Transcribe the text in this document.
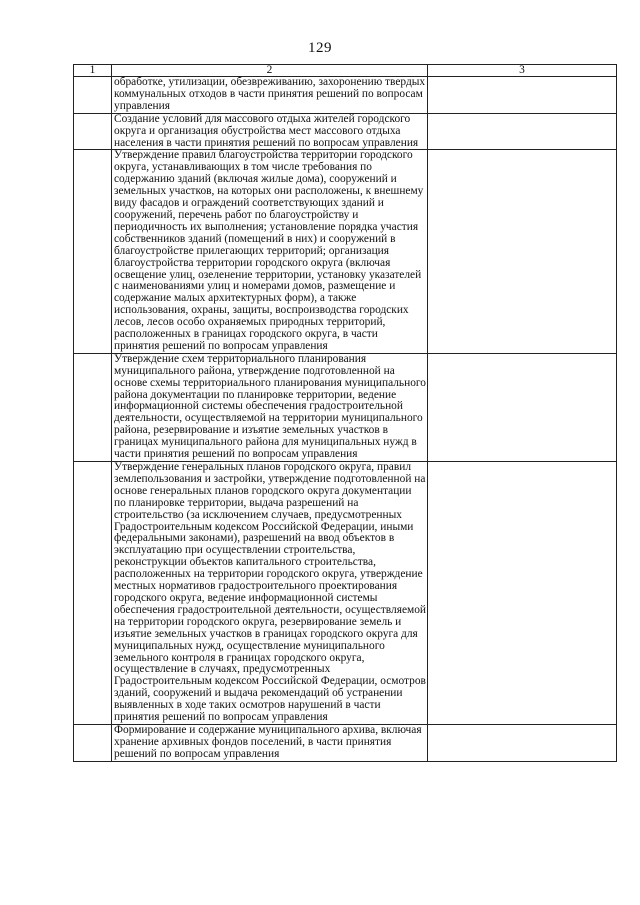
129
1	2	3

	обработке, утилизации, обезвреживанию, захоронению твердых коммунальных отходов в части принятия решений по вопросам управления	

	Создание условий для массового отдыха жителей городского округа и организация обустройства мест массового отдыха населения в части принятия решений по вопросам управления	

	Утверждение правил благоустройства территории городского округа, устанавливающих в том числе требования по содержанию зданий (включая жилые дома), сооружений и земельных участков, на которых они расположены, к внешнему виду фасадов и ограждений соответствующих зданий и сооружений, перечень работ по благоустройству и периодичность их выполнения; установление порядка участия собственников зданий (помещений в них) и сооружений в благоустройстве прилегающих территорий; организация благоустройства территории городского округа (включая освещение улиц, озеленение территории, установку указателей с наименованиями улиц и номерами домов, размещение и содержание малых архитектурных форм), а также использования, охраны, защиты, воспроизводства городских лесов, лесов особо охраняемых природных территорий, расположенных в границах городского округа, в части принятия решений по вопросам управления	

	Утверждение схем территориального планирования муниципального района, утверждение подготовленной на основе схемы территориального планирования муниципального района документации по планировке территории, ведение информационной системы обеспечения градостроительной деятельности, осуществляемой на территории муниципального района, резервирование и изъятие земельных участков в границах муниципального района для муниципальных нужд в части принятия решений по вопросам управления	

	Утверждение генеральных планов городского округа, правил землепользования и застройки, утверждение подготовленной на основе генеральных планов городского округа документации по планировке территории, выдача разрешений на строительство (за исключением случаев, предусмотренных Градостроительным кодексом Российской Федерации, иными федеральными законами), разрешений на ввод объектов в эксплуатацию при осуществлении строительства, реконструкции объектов капитального строительства, расположенных на территории городского округа, утверждение местных нормативов градостроительного проектирования городского округа, ведение информационной системы обеспечения градостроительной деятельности, осуществляемой на территории городского округа, резервирование земель и изъятие земельных участков в границах городского округа для муниципальных нужд, осуществление муниципального земельного контроля в границах городского округа, осуществление в случаях, предусмотренных Градостроительным кодексом Российской Федерации, осмотров зданий, сооружений и выдача рекомендаций об устранении выявленных в ходе таких осмотров нарушений в части принятия решений по вопросам управления	

	Формирование и содержание муниципального архива, включая хранение архивных фондов поселений, в части принятия решений по вопросам управления	
